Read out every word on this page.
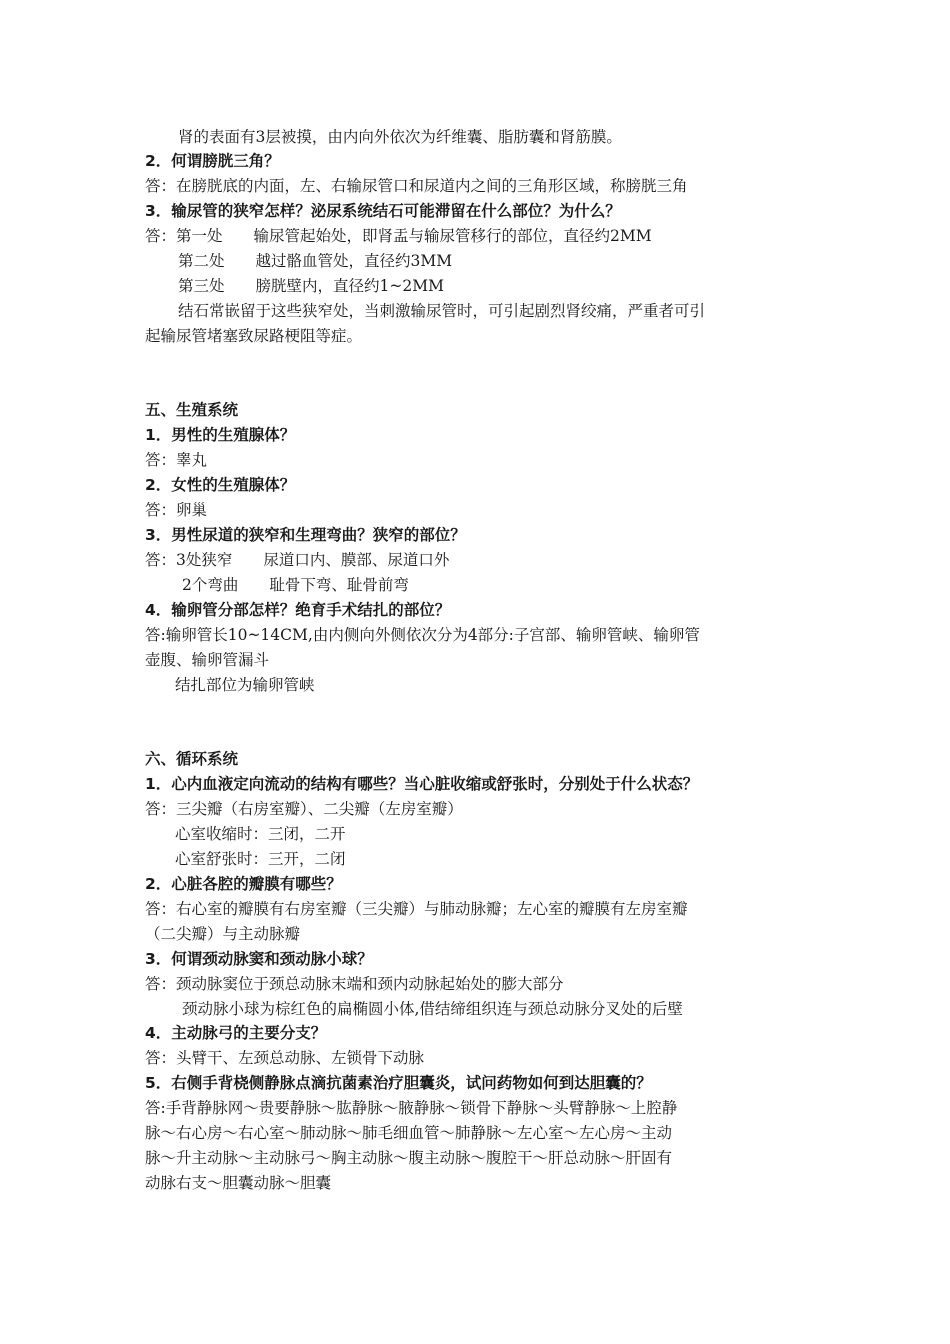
肾的表面有3层被摸，由内向外依次为纤维囊、脂肪囊和肾筋膜。
2．何谓膀胱三角？
答：在膀胱底的内面，左、右输尿管口和尿道内之间的三角形区域，称膀胱三角
3．输尿管的狭窄怎样？泌尿系统结石可能滞留在什么部位？为什么？
答：第一处　　输尿管起始处，即肾盂与输尿管移行的部位，直径约2MM
第二处　　越过骼血管处，直径约3MM
第三处　　膀胱壁内，直径约1~2MM
结石常嵌留于这些狭窄处，当刺激输尿管时，可引起剧烈肾绞痛，严重者可引
起输尿管堵塞致尿路梗阻等症。
五、生殖系统
1．男性的生殖腺体？
答：睾丸
2．女性的生殖腺体？
答：卵巢
3．男性尿道的狭窄和生理弯曲？狭窄的部位？
答：3处狭窄　　尿道口内、膜部、尿道口外
2个弯曲　　耻骨下弯、耻骨前弯
4．输卵管分部怎样？绝育手术结扎的部位？
答:输卵管长10~14CM,由内侧向外侧依次分为4部分:子宫部、输卵管峡、输卵管
壶腹、输卵管漏斗
结扎部位为输卵管峡
六、循环系统
1．心内血液定向流动的结构有哪些？当心脏收缩或舒张时，分别处于什么状态？
答：三尖瓣（右房室瓣）、二尖瓣（左房室瓣）
心室收缩时：三闭，二开
心室舒张时：三开，二闭
2．心脏各腔的瓣膜有哪些？
答：右心室的瓣膜有右房室瓣（三尖瓣）与肺动脉瓣；左心室的瓣膜有左房室瓣
（二尖瓣）与主动脉瓣
3．何谓颈动脉窦和颈动脉小球？
答：颈动脉窦位于颈总动脉末端和颈内动脉起始处的膨大部分
颈动脉小球为棕红色的扁椭圆小体,借结缔组织连与颈总动脉分叉处的后壁
4．主动脉弓的主要分支？
答：头臂干、左颈总动脉、左锁骨下动脉
5．右侧手背桡侧静脉点滴抗菌素治疗胆囊炎，试问药物如何到达胆囊的？
答:手背静脉网～贵要静脉～肱静脉～腋静脉～锁骨下静脉～头臂静脉～上腔静
脉～右心房～右心室～肺动脉～肺毛细血管～肺静脉～左心室～左心房～主动
脉～升主动脉～主动脉弓～胸主动脉～腹主动脉～腹腔干～肝总动脉～肝固有
动脉右支～胆囊动脉～胆囊
